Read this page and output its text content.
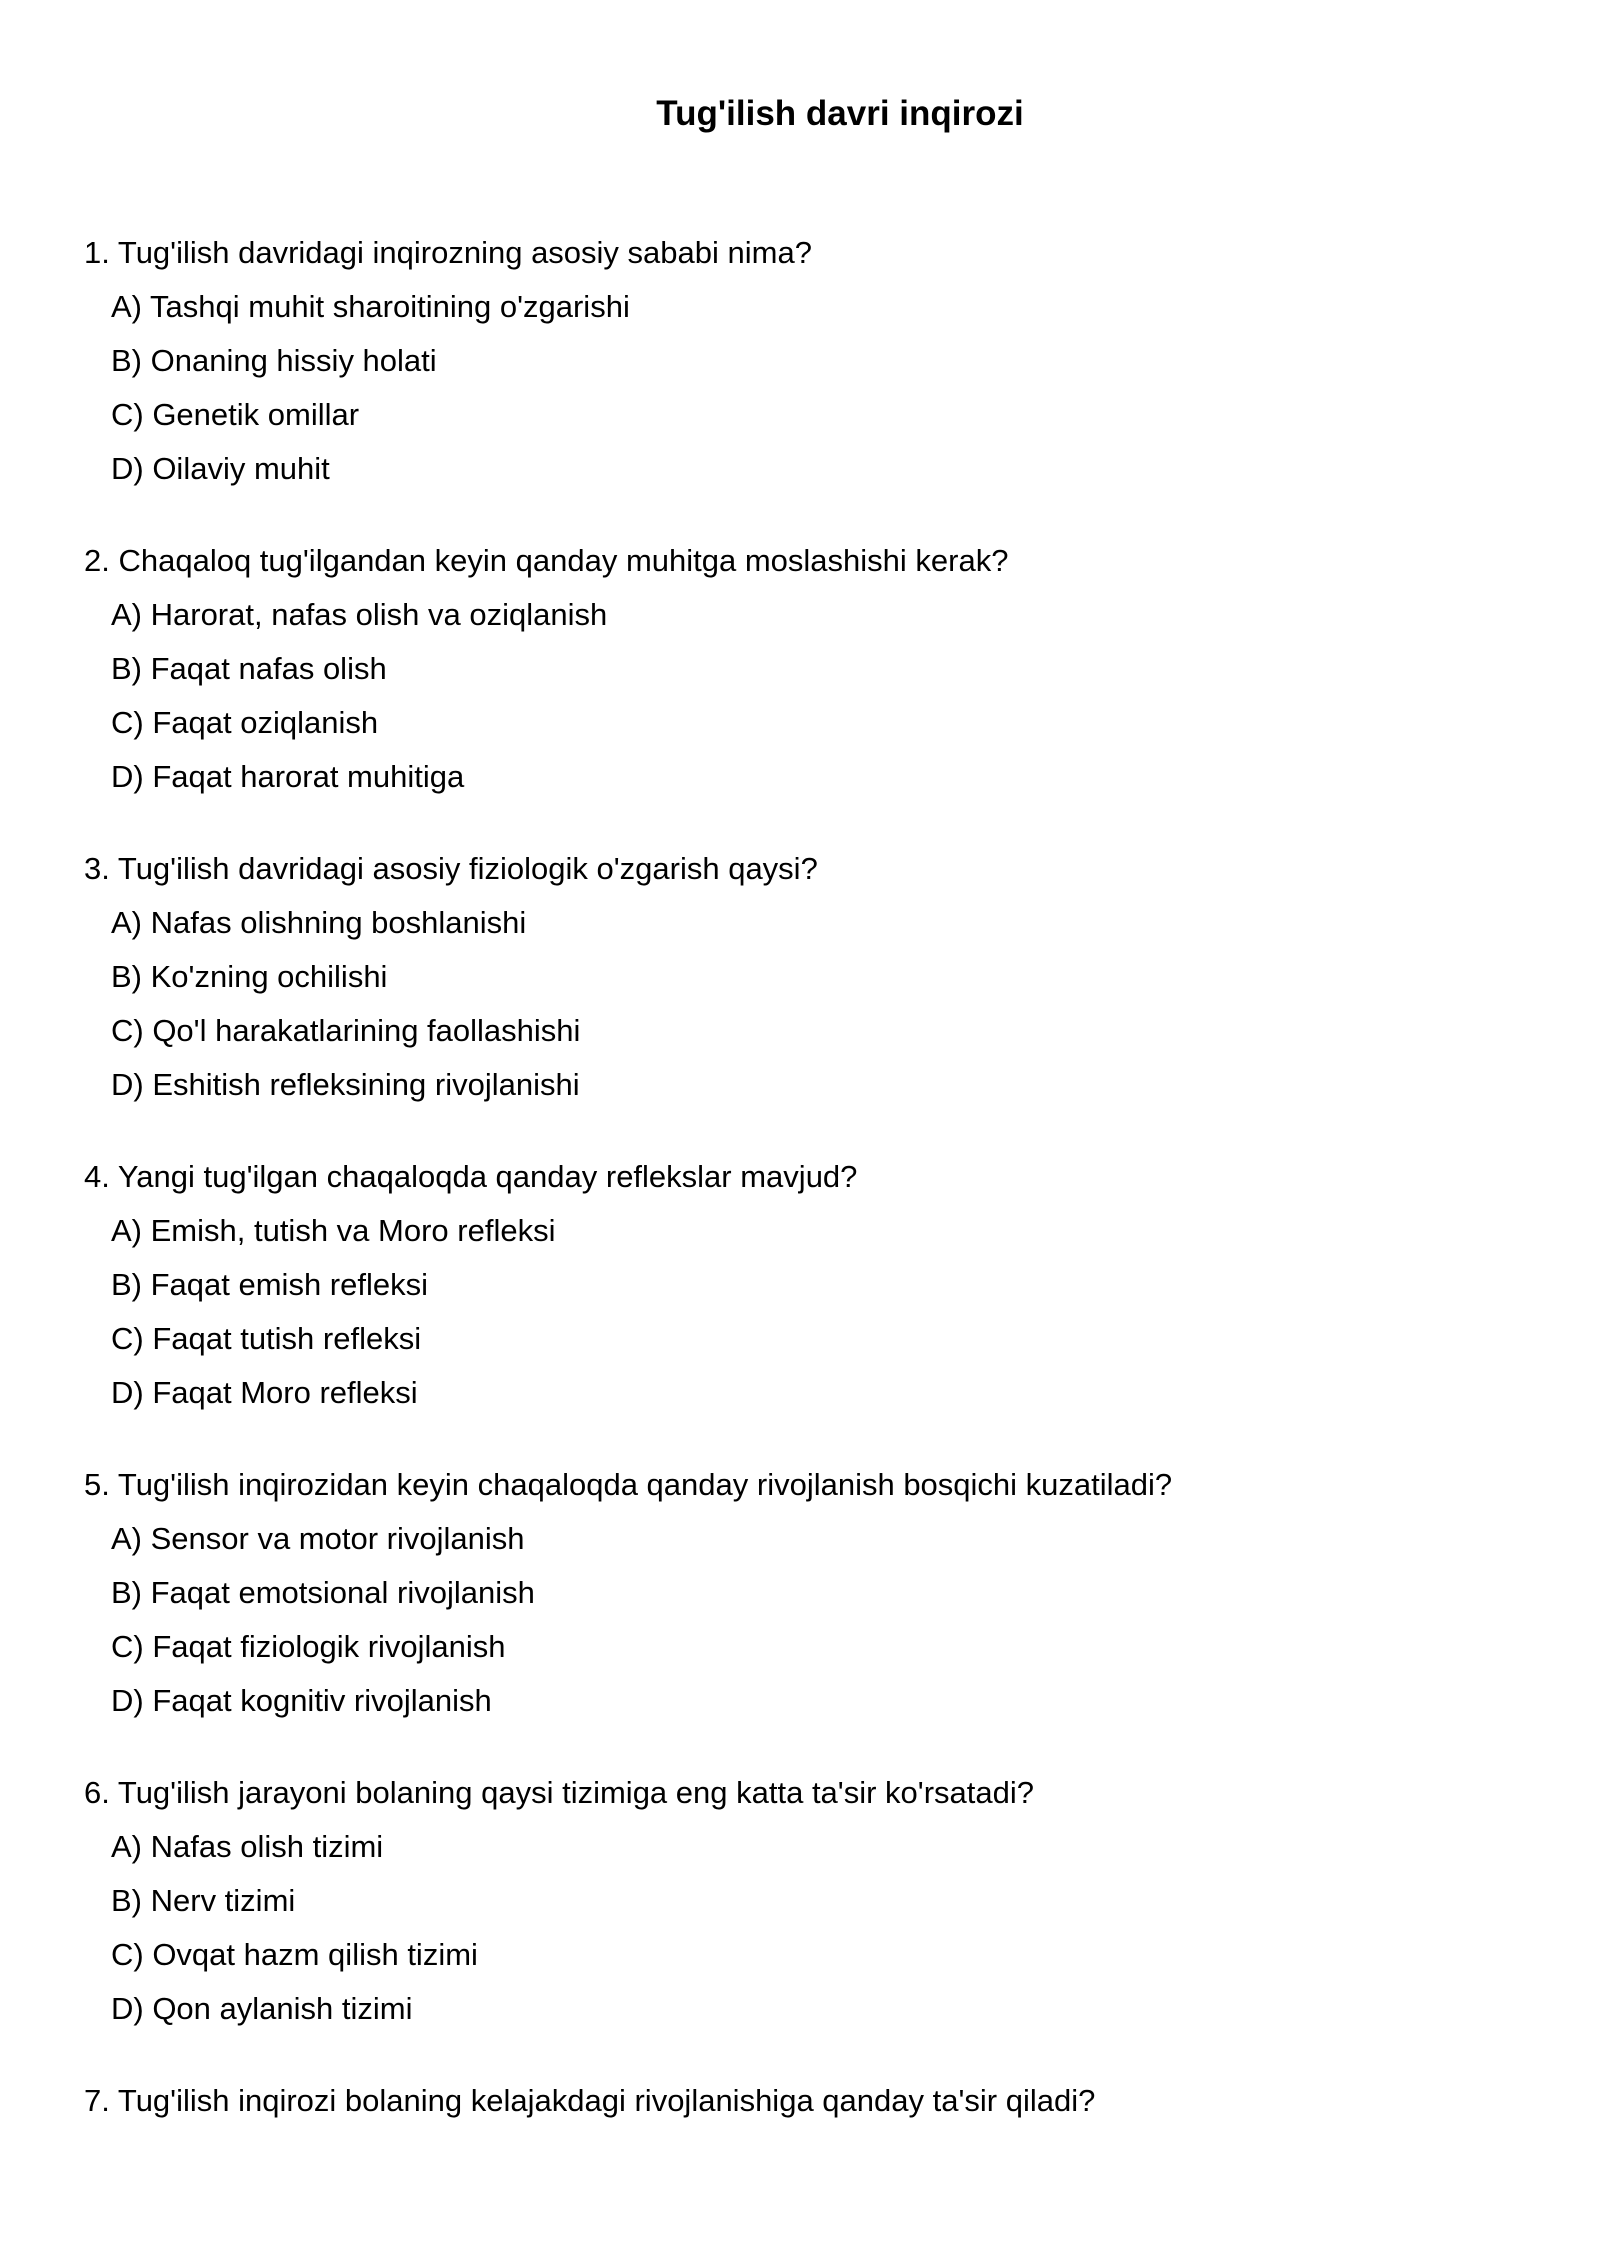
Tug'ilish davri inqirozi
1. Tug'ilish davridagi inqirozning asosiy sababi nima?
A) Tashqi muhit sharoitining o'zgarishi
B) Onaning hissiy holati
C) Genetik omillar
D) Oilaviy muhit
2. Chaqaloq tug'ilgandan keyin qanday muhitga moslashishi kerak?
A) Harorat, nafas olish va oziqlanish
B) Faqat nafas olish
C) Faqat oziqlanish
D) Faqat harorat muhitiga
3. Tug'ilish davridagi asosiy fiziologik o'zgarish qaysi?
A) Nafas olishning boshlanishi
B) Ko'zning ochilishi
C) Qo'l harakatlarining faollashishi
D) Eshitish refleksining rivojlanishi
4. Yangi tug'ilgan chaqaloqda qanday reflekslar mavjud?
A) Emish, tutish va Moro refleksi
B) Faqat emish refleksi
C) Faqat tutish refleksi
D) Faqat Moro refleksi
5. Tug'ilish inqirozidan keyin chaqaloqda qanday rivojlanish bosqichi kuzatiladi?
A) Sensor va motor rivojlanish
B) Faqat emotsional rivojlanish
C) Faqat fiziologik rivojlanish
D) Faqat kognitiv rivojlanish
6. Tug'ilish jarayoni bolaning qaysi tizimiga eng katta ta'sir ko'rsatadi?
A) Nafas olish tizimi
B) Nerv tizimi
C) Ovqat hazm qilish tizimi
D) Qon aylanish tizimi
7. Tug'ilish inqirozi bolaning kelajakdagi rivojlanishiga qanday ta'sir qiladi?
